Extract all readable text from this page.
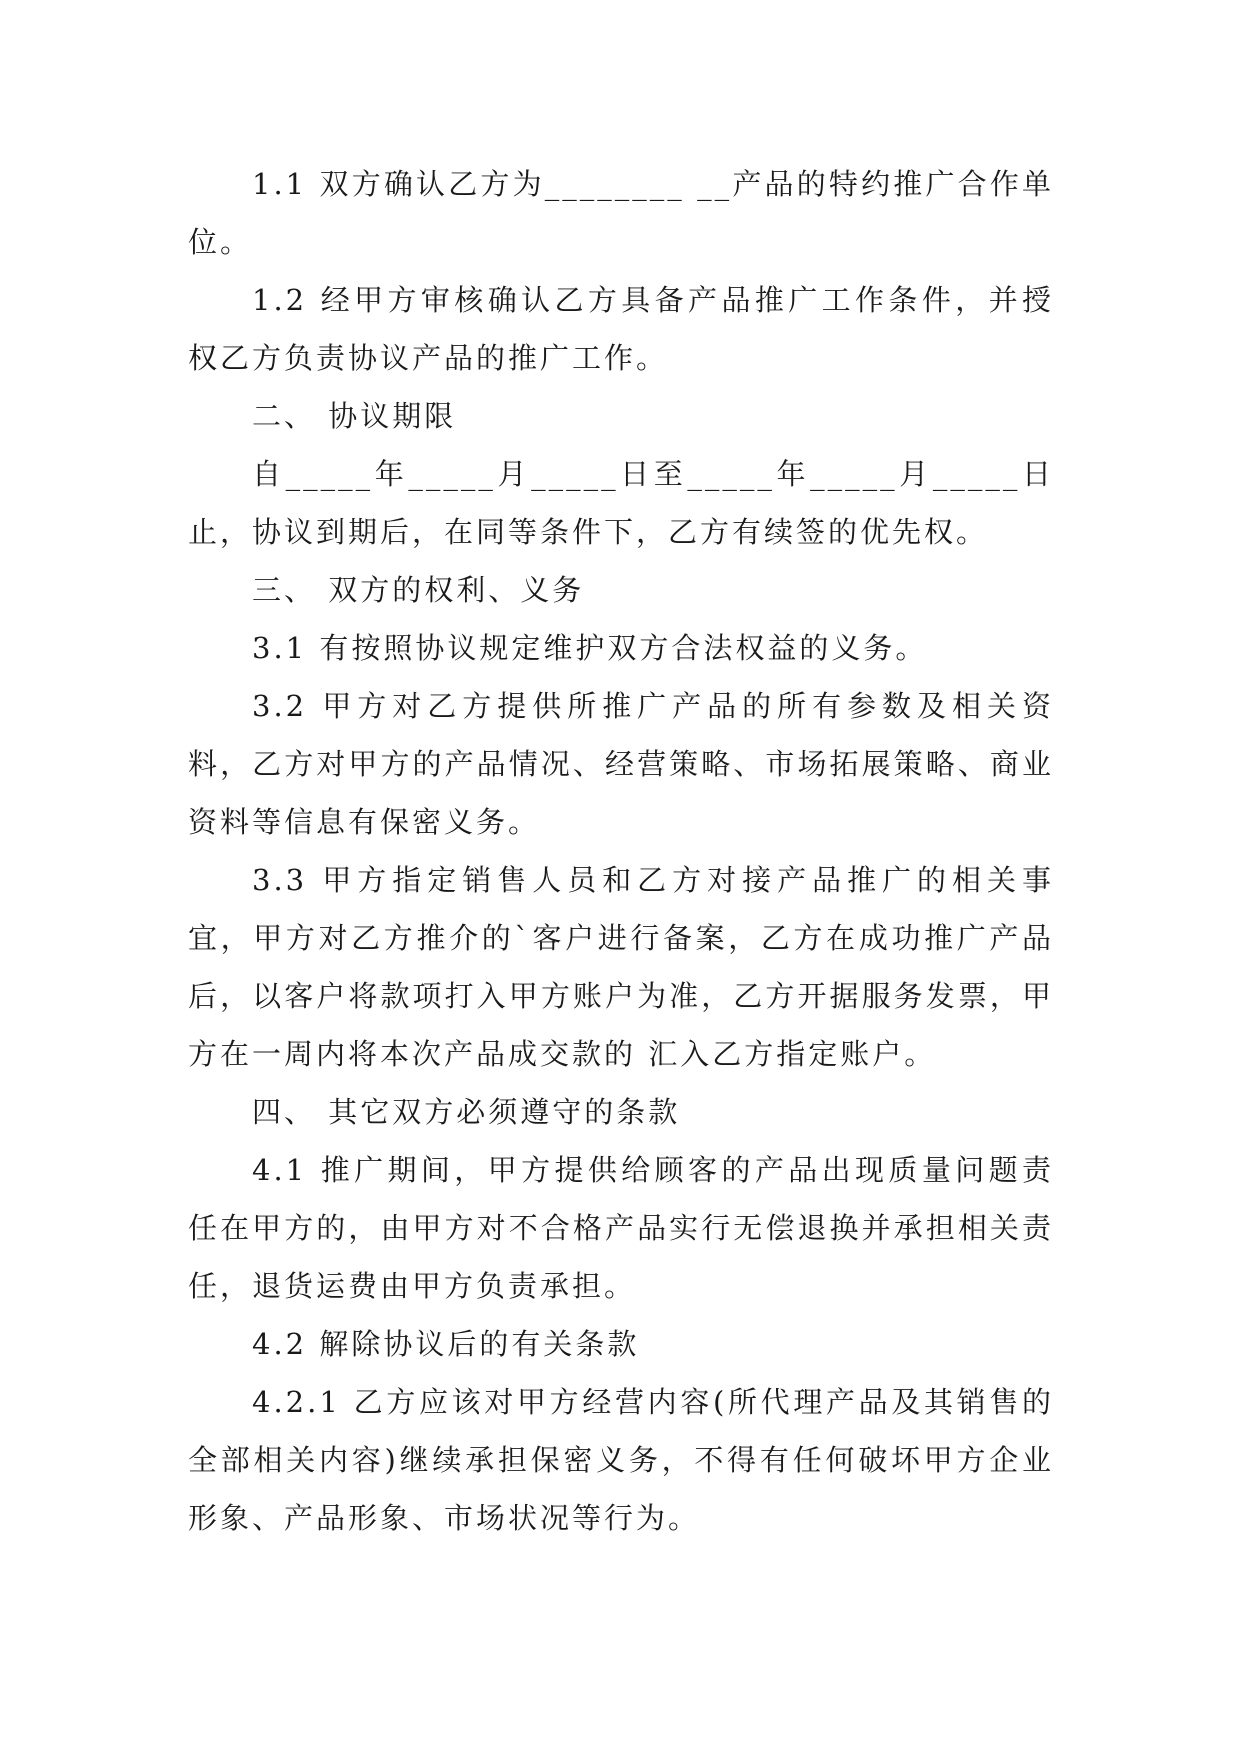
1.1 双方确认乙方为________ __产品的特约推广合作单位。

1.2 经甲方审核确认乙方具备产品推广工作条件，并授权乙方负责协议产品的推广工作。

二、 协议期限

自_____年_____月_____日至_____年_____月_____日止，协议到期后，在同等条件下，乙方有续签的优先权。

三、 双方的权利、义务

3.1 有按照协议规定维护双方合法权益的义务。

3.2 甲方对乙方提供所推广产品的所有参数及相关资料，乙方对甲方的产品情况、经营策略、市场拓展策略、商业资料等信息有保密义务。

3.3 甲方指定销售人员和乙方对接产品推广的相关事宜，甲方对乙方推介的`客户进行备案，乙方在成功推广产品后，以客户将款项打入甲方账户为准，乙方开据服务发票，甲方在一周内将本次产品成交款的 汇入乙方指定账户。

四、 其它双方必须遵守的条款

4.1 推广期间，甲方提供给顾客的产品出现质量问题责任在甲方的，由甲方对不合格产品实行无偿退换并承担相关责任，退货运费由甲方负责承担。

4.2 解除协议后的有关条款

4.2.1 乙方应该对甲方经营内容(所代理产品及其销售的全部相关内容)继续承担保密义务，不得有任何破坏甲方企业形象、产品形象、市场状况等行为。
